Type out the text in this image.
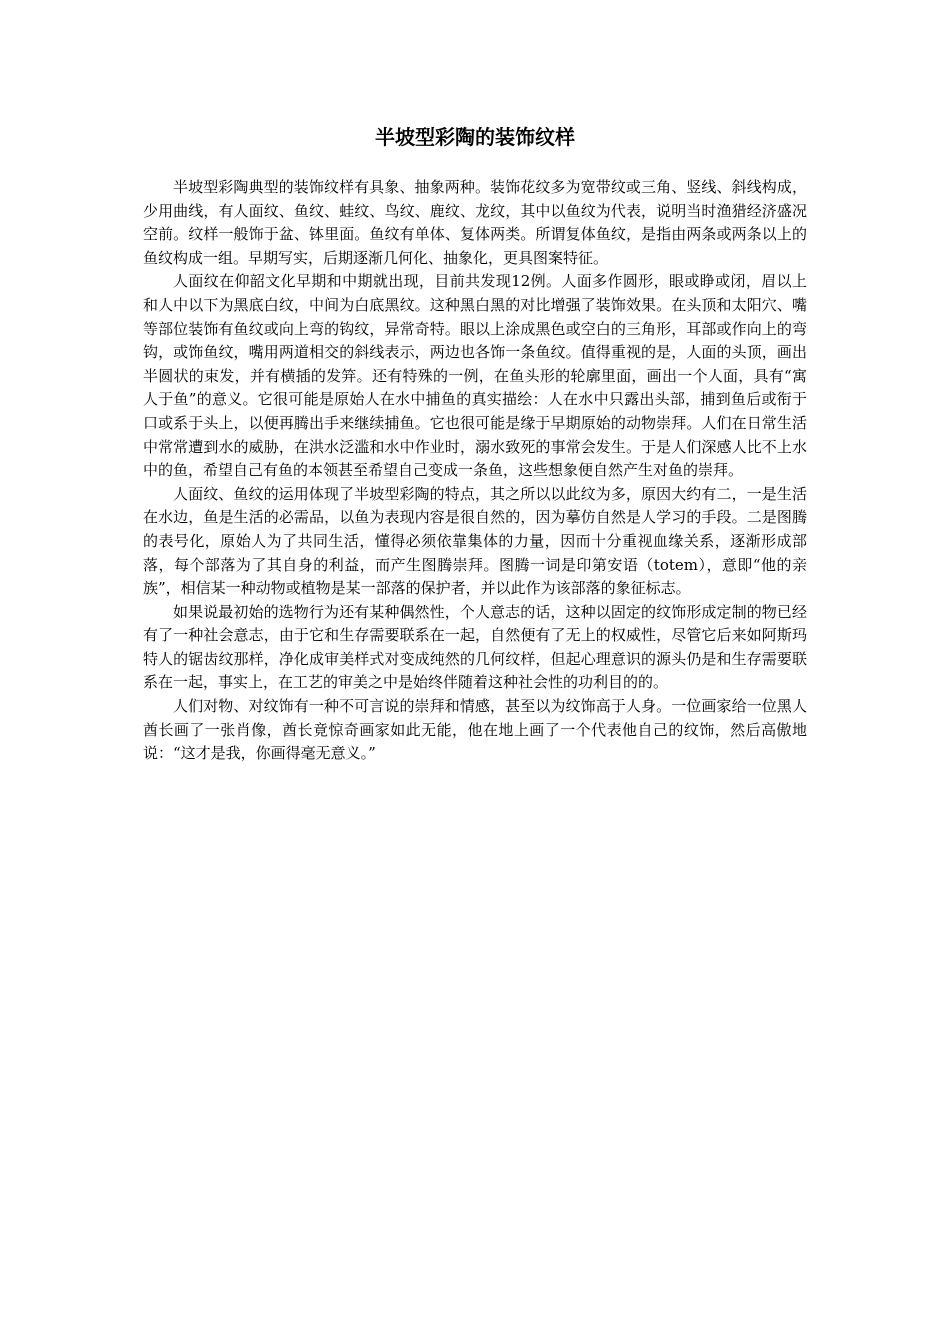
半坡型彩陶的装饰纹样

半坡型彩陶典型的装饰纹样有具象、抽象两种。装饰花纹多为宽带纹或三角、竖线、斜线构成，少用曲线，有人面纹、鱼纹、蛙纹、鸟纹、鹿纹、龙纹，其中以鱼纹为代表，说明当时渔猎经济盛况空前。纹样一般饰于盆、钵里面。鱼纹有单体、复体两类。所谓复体鱼纹，是指由两条或两条以上的鱼纹构成一组。早期写实，后期逐渐几何化、抽象化，更具图案特征。

人面纹在仰韶文化早期和中期就出现，目前共发现12例。人面多作圆形，眼或睁或闭，眉以上和人中以下为黑底白纹，中间为白底黑纹。这种黑白黑的对比增强了装饰效果。在头顶和太阳穴、嘴等部位装饰有鱼纹或向上弯的钩纹，异常奇特。眼以上涂成黑色或空白的三角形，耳部或作向上的弯钩，或饰鱼纹，嘴用两道相交的斜线表示，两边也各饰一条鱼纹。值得重视的是，人面的头顶，画出半圆状的束发，并有横插的发笄。还有特殊的一例，在鱼头形的轮廓里面，画出一个人面，具有“寓人于鱼”的意义。它很可能是原始人在水中捕鱼的真实描绘：人在水中只露出头部，捕到鱼后或衔于口或系于头上，以便再腾出手来继续捕鱼。它也很可能是缘于早期原始的动物崇拜。人们在日常生活中常常遭到水的威胁，在洪水泛滥和水中作业时，溺水致死的事常会发生。于是人们深感人比不上水中的鱼，希望自己有鱼的本领甚至希望自己变成一条鱼，这些想象便自然产生对鱼的崇拜。

人面纹、鱼纹的运用体现了半坡型彩陶的特点，其之所以以此纹为多，原因大约有二，一是生活在水边，鱼是生活的必需品，以鱼为表现内容是很自然的，因为摹仿自然是人学习的手段。二是图腾的表号化，原始人为了共同生活，懂得必须依靠集体的力量，因而十分重视血缘关系，逐渐形成部落，每个部落为了其自身的利益，而产生图腾崇拜。图腾一词是印第安语（totem），意即“他的亲族”，相信某一种动物或植物是某一部落的保护者，并以此作为该部落的象征标志。

如果说最初始的选物行为还有某种偶然性，个人意志的话，这种以固定的纹饰形成定制的物已经有了一种社会意志，由于它和生存需要联系在一起，自然便有了无上的权威性，尽管它后来如阿斯玛特人的锯齿纹那样，净化成审美样式对变成纯然的几何纹样，但起心理意识的源头仍是和生存需要联系在一起，事实上，在工艺的审美之中是始终伴随着这种社会性的功利目的的。

人们对物、对纹饰有一种不可言说的崇拜和情感，甚至以为纹饰高于人身。一位画家给一位黑人酋长画了一张肖像，酋长竟惊奇画家如此无能，他在地上画了一个代表他自己的纹饰，然后高傲地说：“这才是我，你画得毫无意义。”
